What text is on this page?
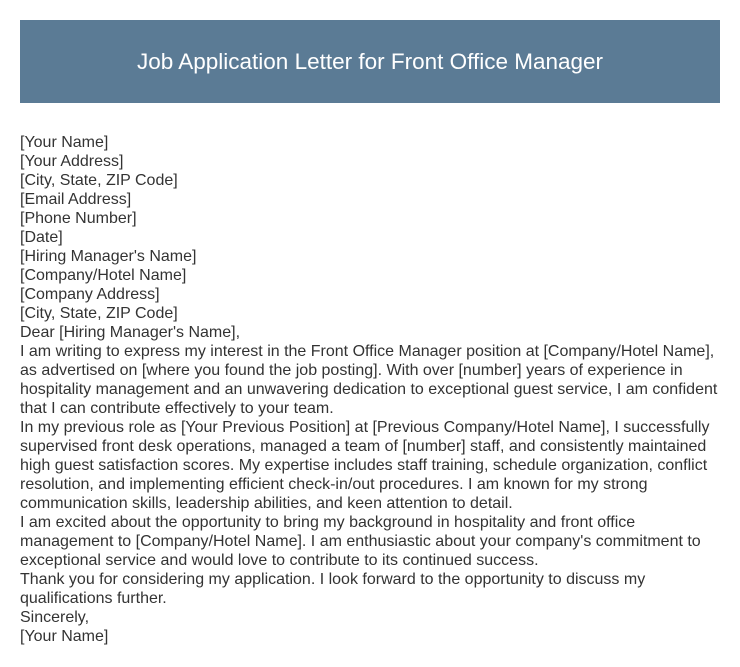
Job Application Letter for Front Office Manager
[Your Name]
[Your Address]
[City, State, ZIP Code]
[Email Address]
[Phone Number]
[Date]
[Hiring Manager's Name]
[Company/Hotel Name]
[Company Address]
[City, State, ZIP Code]
Dear [Hiring Manager's Name],

I am writing to express my interest in the Front Office Manager position at [Company/Hotel Name], as advertised on [where you found the job posting]. With over [number] years of experience in hospitality management and an unwavering dedication to exceptional guest service, I am confident that I can contribute effectively to your team.

In my previous role as [Your Previous Position] at [Previous Company/Hotel Name], I successfully supervised front desk operations, managed a team of [number] staff, and consistently maintained high guest satisfaction scores. My expertise includes staff training, schedule organization, conflict resolution, and implementing efficient check-in/out procedures. I am known for my strong communication skills, leadership abilities, and keen attention to detail.

I am excited about the opportunity to bring my background in hospitality and front office management to [Company/Hotel Name]. I am enthusiastic about your company's commitment to exceptional service and would love to contribute to its continued success.

Thank you for considering my application. I look forward to the opportunity to discuss my qualifications further.

Sincerely,
[Your Name]
